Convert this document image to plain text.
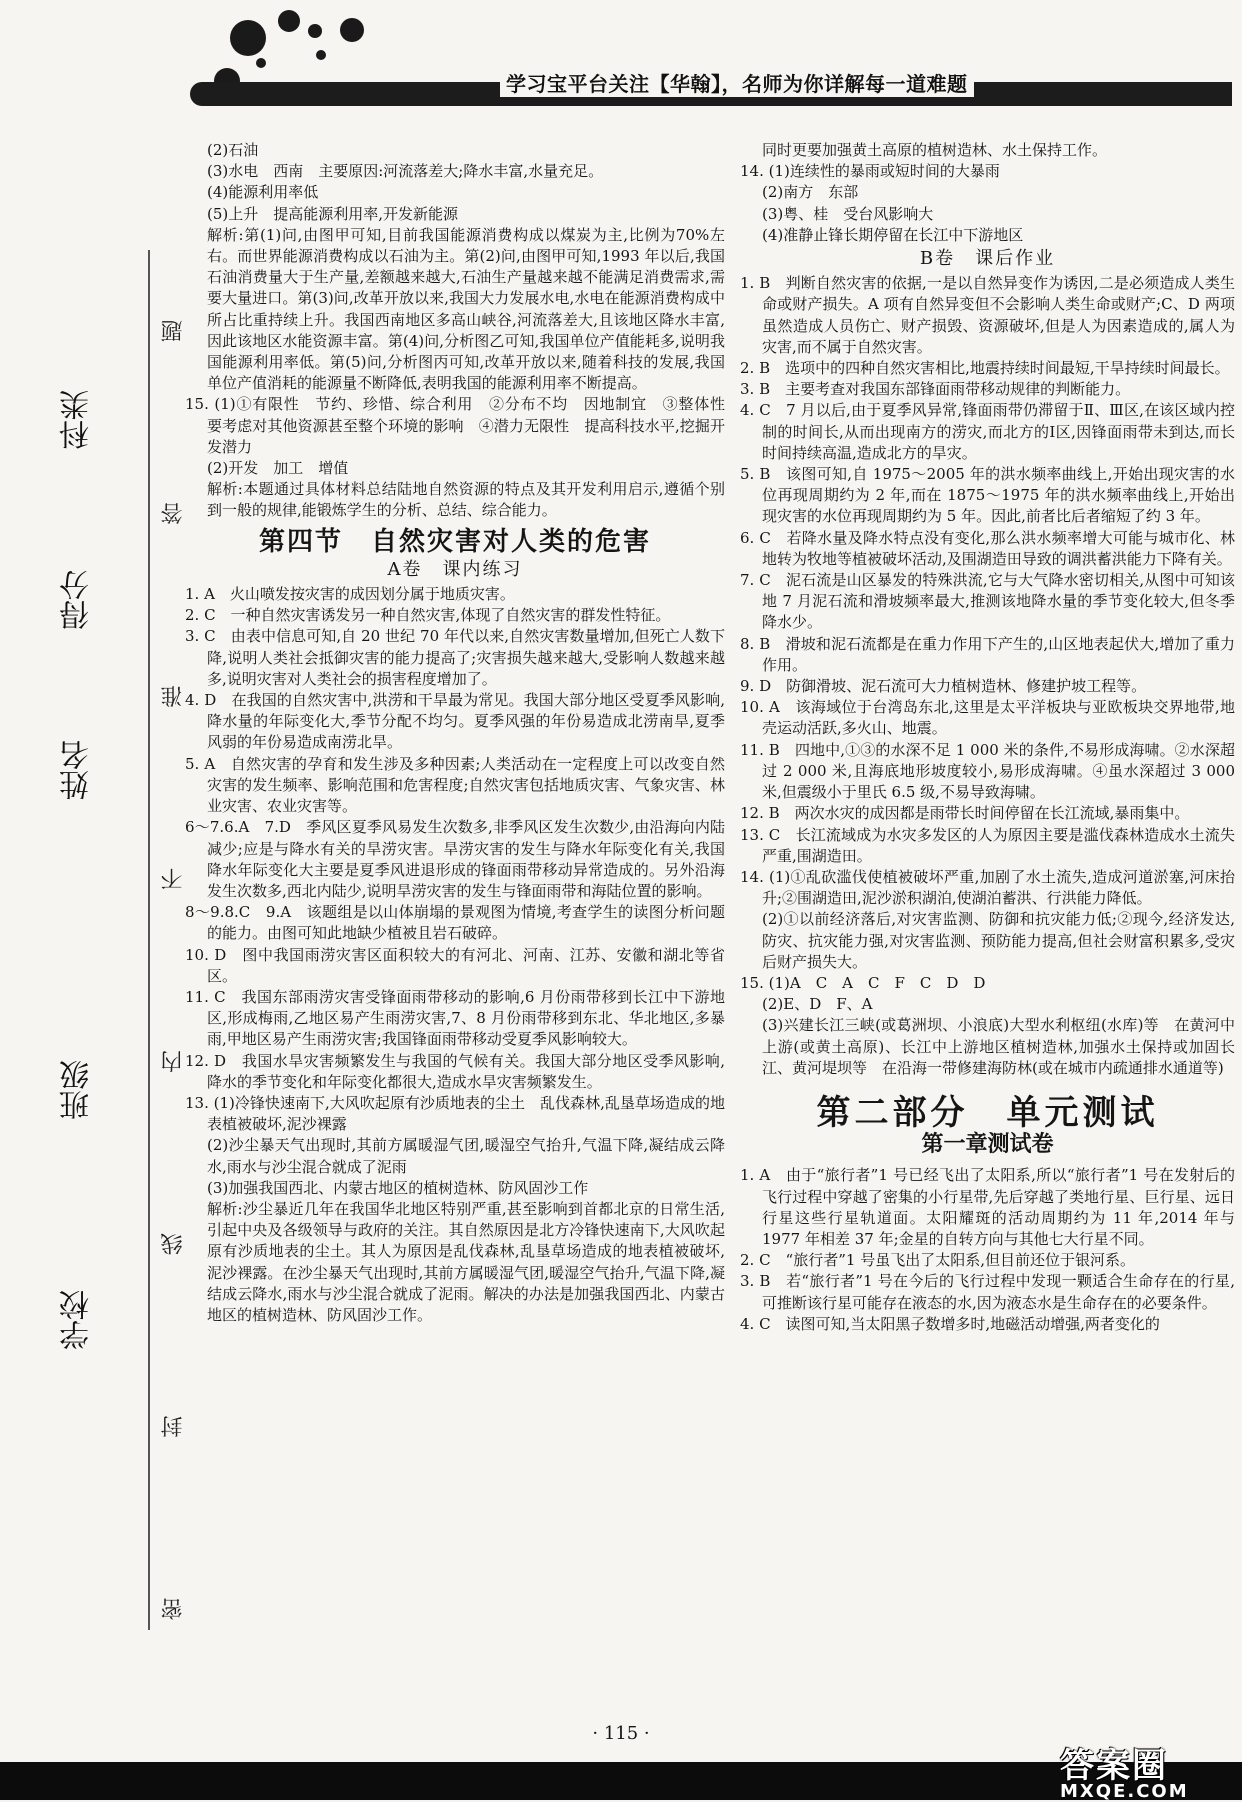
学习宝平台关注【华翰】，名师为你详解每一道难题
学校
班级
姓名
得分
科类	密 封 线 内 不 准 答 题
(2)石油
(3)水电　西南　主要原因:河流落差大;降水丰富,水量充足。
(4)能源利用率低
(5)上升　提高能源利用率,开发新能源
解析:第(1)问,由图甲可知,目前我国能源消费构成以煤炭为主,比例为70%左右。而世界能源消费构成以石油为主。第(2)问,由图甲可知,1993 年以后,我国石油消费量大于生产量,差额越来越大,石油生产量越来越不能满足消费需求,需要大量进口。第(3)问,改革开放以来,我国大力发展水电,水电在能源消费构成中所占比重持续上升。我国西南地区多高山峡谷,河流落差大,且该地区降水丰富,因此该地区水能资源丰富。第(4)问,分析图乙可知,我国单位产值能耗多,说明我国能源利用率低。第(5)问,分析图丙可知,改革开放以来,随着科技的发展,我国单位产值消耗的能源量不断降低,表明我国的能源利用率不断提高。
15. (1)①有限性　节约、珍惜、综合利用　②分布不均　因地制宜　③整体性　要考虑对其他资源甚至整个环境的影响　④潜力无限性　提高科技水平,挖掘开发潜力
(2)开发　加工　增值
解析:本题通过具体材料总结陆地自然资源的特点及其开发利用启示,遵循个别到一般的规律,能锻炼学生的分析、总结、综合能力。
第四节　自然灾害对人类的危害
A卷　课内练习
1. A　火山喷发按灾害的成因划分属于地质灾害。
2. C　一种自然灾害诱发另一种自然灾害,体现了自然灾害的群发性特征。
3. C　由表中信息可知,自 20 世纪 70 年代以来,自然灾害数量增加,但死亡人数下降,说明人类社会抵御灾害的能力提高了;灾害损失越来越大,受影响人数越来越多,说明灾害对人类社会的损害程度增加了。
4. D　在我国的自然灾害中,洪涝和干旱最为常见。我国大部分地区受夏季风影响,降水量的年际变化大,季节分配不均匀。夏季风强的年份易造成北涝南旱,夏季风弱的年份易造成南涝北旱。
5. A　自然灾害的孕育和发生涉及多种因素;人类活动在一定程度上可以改变自然灾害的发生频率、影响范围和危害程度;自然灾害包括地质灾害、气象灾害、林业灾害、农业灾害等。
6～7.6.A　7.D　季风区夏季风易发生次数多,非季风区发生次数少,由沿海向内陆减少;应是与降水有关的旱涝灾害。旱涝灾害的发生与降水年际变化有关,我国降水年际变化大主要是夏季风进退形成的锋面雨带移动异常造成的。另外沿海发生次数多,西北内陆少,说明旱涝灾害的发生与锋面雨带和海陆位置的影响。
8～9.8.C　9.A　该题组是以山体崩塌的景观图为情境,考查学生的读图分析问题的能力。由图可知此地缺少植被且岩石破碎。
10. D　图中我国雨涝灾害区面积较大的有河北、河南、江苏、安徽和湖北等省区。
11. C　我国东部雨涝灾害受锋面雨带移动的影响,6 月份雨带移到长江中下游地区,形成梅雨,乙地区易产生雨涝灾害,7、8 月份雨带移到东北、华北地区,多暴雨,甲地区易产生雨涝灾害;我国锋面雨带移动受夏季风影响较大。
12. D　我国水旱灾害频繁发生与我国的气候有关。我国大部分地区受季风影响,降水的季节变化和年际变化都很大,造成水旱灾害频繁发生。
13. (1)冷锋快速南下,大风吹起原有沙质地表的尘土　乱伐森林,乱垦草场造成的地表植被破坏,泥沙裸露
(2)沙尘暴天气出现时,其前方属暖湿气团,暖湿空气抬升,气温下降,凝结成云降水,雨水与沙尘混合就成了泥雨
(3)加强我国西北、内蒙古地区的植树造林、防风固沙工作
解析:沙尘暴近几年在我国华北地区特别严重,甚至影响到首都北京的日常生活,引起中央及各级领导与政府的关注。其自然原因是北方冷锋快速南下,大风吹起原有沙质地表的尘土。其人为原因是乱伐森林,乱垦草场造成的地表植被破坏,泥沙裸露。在沙尘暴天气出现时,其前方属暖湿气团,暖湿空气抬升,气温下降,凝结成云降水,雨水与沙尘混合就成了泥雨。解决的办法是加强我国西北、内蒙古地区的植树造林、防风固沙工作。
同时更要加强黄土高原的植树造林、水土保持工作。
14. (1)连续性的暴雨或短时间的大暴雨
(2)南方　东部
(3)粤、桂　受台风影响大
(4)准静止锋长期停留在长江中下游地区
B卷　课后作业
1. B　判断自然灾害的依据,一是以自然异变作为诱因,二是必须造成人类生命或财产损失。A 项有自然异变但不会影响人类生命或财产;C、D 两项虽然造成人员伤亡、财产损毁、资源破坏,但是人为因素造成的,属人为灾害,而不属于自然灾害。
2. B　选项中的四种自然灾害相比,地震持续时间最短,干旱持续时间最长。
3. B　主要考查对我国东部锋面雨带移动规律的判断能力。
4. C　7 月以后,由于夏季风异常,锋面雨带仍滞留于Ⅱ、Ⅲ区,在该区域内控制的时间长,从而出现南方的涝灾,而北方的Ⅰ区,因锋面雨带未到达,而长时间持续高温,造成北方的旱灾。
5. B　该图可知,自 1975～2005 年的洪水频率曲线上,开始出现灾害的水位再现周期约为 2 年,而在 1875～1975 年的洪水频率曲线上,开始出现灾害的水位再现周期约为 5 年。因此,前者比后者缩短了约 3 年。
6. C　若降水量及降水特点没有变化,那么洪水频率增大可能与城市化、林地转为牧地等植被破坏活动,及围湖造田导致的调洪蓄洪能力下降有关。
7. C　泥石流是山区暴发的特殊洪流,它与大气降水密切相关,从图中可知该地 7 月泥石流和滑坡频率最大,推测该地降水量的季节变化较大,但冬季降水少。
8. B　滑坡和泥石流都是在重力作用下产生的,山区地表起伏大,增加了重力作用。
9. D　防御滑坡、泥石流可大力植树造林、修建护坡工程等。
10. A　该海域位于台湾岛东北,这里是太平洋板块与亚欧板块交界地带,地壳运动活跃,多火山、地震。
11. B　四地中,①③的水深不足 1 000 米的条件,不易形成海啸。②水深超过 2 000 米,且海底地形坡度较小,易形成海啸。④虽水深超过 3 000 米,但震级小于里氏 6.5 级,不易导致海啸。
12. B　两次水灾的成因都是雨带长时间停留在长江流域,暴雨集中。
13. C　长江流域成为水灾多发区的人为原因主要是滥伐森林造成水土流失严重,围湖造田。
14. (1)①乱砍滥伐使植被破坏严重,加剧了水土流失,造成河道淤塞,河床抬升;②围湖造田,泥沙淤积湖泊,使湖泊蓄洪、行洪能力降低。
(2)①以前经济落后,对灾害监测、防御和抗灾能力低;②现今,经济发达,防灾、抗灾能力强,对灾害监测、预防能力提高,但社会财富积累多,受灾后财产损失大。
15. (1)A　C　A　C　F　C　D　D
(2)E、D　F、A
(3)兴建长江三峡(或葛洲坝、小浪底)大型水利枢纽(水库)等　在黄河中上游(或黄土高原)、长江中上游地区植树造林,加强水土保持或加固长江、黄河堤坝等　在沿海一带修建海防林(或在城市内疏通排水通道等)
第二部分　单元测试
第一章测试卷
1. A　由于“旅行者”1 号已经飞出了太阳系,所以“旅行者”1 号在发射后的飞行过程中穿越了密集的小行星带,先后穿越了类地行星、巨行星、远日行星这些行星轨道面。太阳耀斑的活动周期约为 11 年,2014 年与 1977 年相差 37 年;金星的自转方向与其他七大行星不同。
2. C　“旅行者”1 号虽飞出了太阳系,但目前还位于银河系。
3. B　若“旅行者”1 号在今后的飞行过程中发现一颗适合生命存在的行星,可推断该行星可能存在液态的水,因为液态水是生命存在的必要条件。
4. C　读图可知,当太阳黑子数增多时,地磁活动增强,两者变化的
· 115 ·
答案圈
MXQE.COM
